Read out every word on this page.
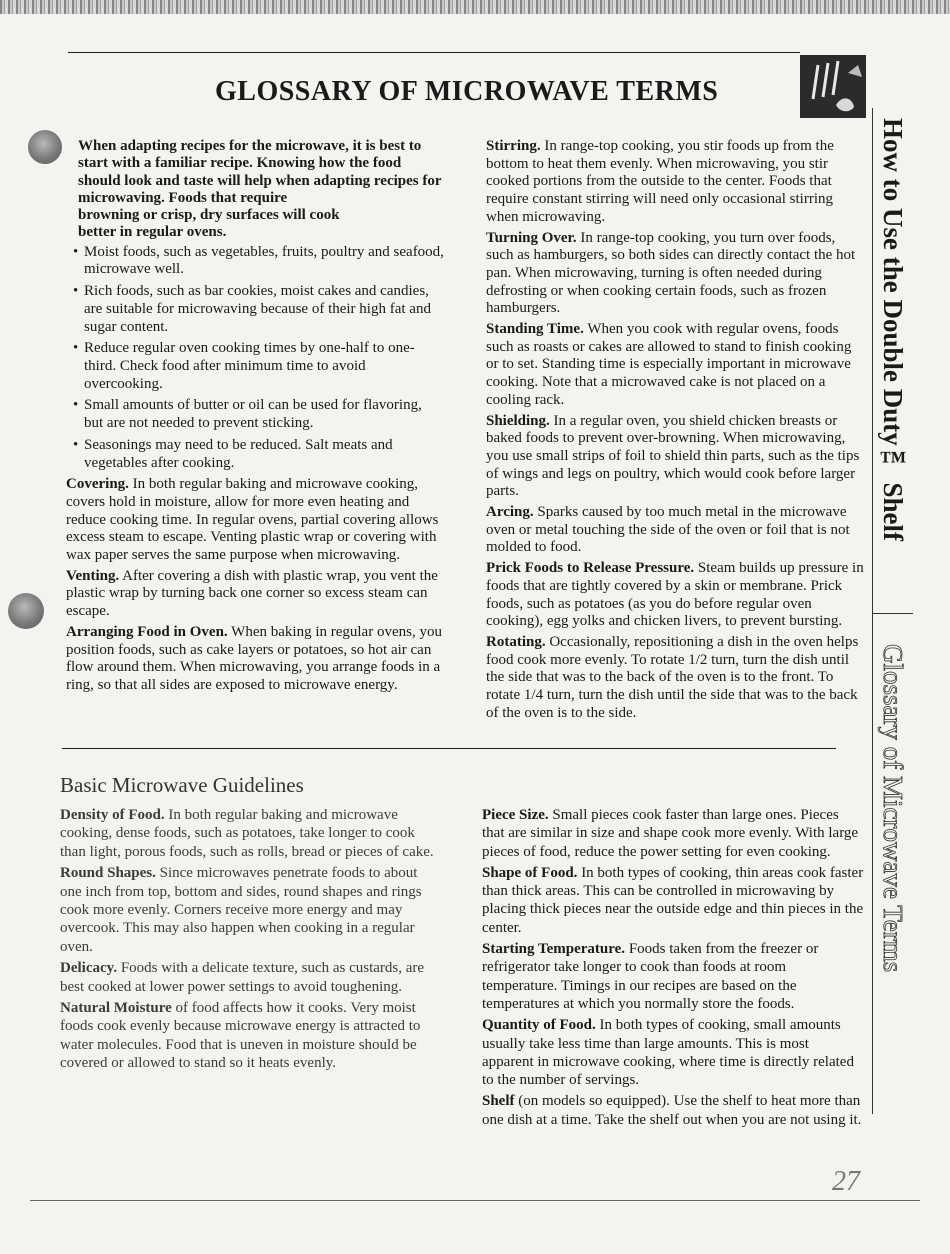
GLOSSARY OF MICROWAVE TERMS
How to Use the Double Duty™ Shelf
Glossary of Microwave Terms

When adapting recipes for the microwave, it is best to start with a familiar recipe. Knowing how the food should look and taste will help when adapting recipes for microwaving. Foods that require

browning or crisp, dry surfaces will cook

better in regular ovens.

• Moist foods, such as vegetables, fruits, poultry and seafood, microwave well.
• Rich foods, such as bar cookies, moist cakes and candies, are suitable for microwaving because of their high fat and sugar content.
• Reduce regular oven cooking times by one-half to one-third. Check food after minimum time to avoid overcooking.
• Small amounts of butter or oil can be used for flavoring, but are not needed to prevent sticking.
• Seasonings may need to be reduced. Salt meats and vegetables after cooking.

Covering. In both regular baking and microwave cooking, covers hold in moisture, allow for more even heating and reduce cooking time. In regular ovens, partial covering allows excess steam to escape. Venting plastic wrap or covering with wax paper serves the same purpose when microwaving.

Venting. After covering a dish with plastic wrap, you vent the plastic wrap by turning back one corner so excess steam can escape.

Arranging Food in Oven. When baking in regular ovens, you position foods, such as cake layers or potatoes, so hot air can flow around them. When microwaving, you arrange foods in a ring, so that all sides are exposed to microwave energy.

Stirring. In range-top cooking, you stir foods up from the bottom to heat them evenly. When microwaving, you stir cooked portions from the outside to the center. Foods that require constant stirring will need only occasional stirring when microwaving.

Turning Over. In range-top cooking, you turn over foods, such as hamburgers, so both sides can directly contact the hot pan. When microwaving, turning is often needed during defrosting or when cooking certain foods, such as frozen hamburgers.

Standing Time. When you cook with regular ovens, foods such as roasts or cakes are allowed to stand to finish cooking or to set. Standing time is especially important in microwave cooking. Note that a microwaved cake is not placed on a cooling rack.

Shielding. In a regular oven, you shield chicken breasts or baked foods to prevent over-browning. When microwaving, you use small strips of foil to shield thin parts, such as the tips of wings and legs on poultry, which would cook before larger parts.

Arcing. Sparks caused by too much metal in the microwave oven or metal touching the side of the oven or foil that is not molded to food.

Prick Foods to Release Pressure. Steam builds up pressure in foods that are tightly covered by a skin or membrane. Prick foods, such as potatoes (as you do before regular oven cooking), egg yolks and chicken livers, to prevent bursting.

Rotating. Occasionally, repositioning a dish in the oven helps food cook more evenly. To rotate 1/2 turn, turn the dish until the side that was to the back of the oven is to the front. To rotate 1/4 turn, turn the dish until the side that was to the back of the oven is to the side.

Basic Microwave Guidelines

Density of Food. In both regular baking and microwave cooking, dense foods, such as potatoes, take longer to cook than light, porous foods, such as rolls, bread or pieces of cake.

Round Shapes. Since microwaves penetrate foods to about one inch from top, bottom and sides, round shapes and rings cook more evenly. Corners receive more energy and may overcook. This may also happen when cooking in a regular oven.

Delicacy. Foods with a delicate texture, such as custards, are best cooked at lower power settings to avoid toughening.

Natural Moisture of food affects how it cooks. Very moist foods cook evenly because microwave energy is attracted to water molecules. Food that is uneven in moisture should be covered or allowed to stand so it heats evenly.

Piece Size. Small pieces cook faster than large ones. Pieces that are similar in size and shape cook more evenly. With large pieces of food, reduce the power setting for even cooking.

Shape of Food. In both types of cooking, thin areas cook faster than thick areas. This can be controlled in microwaving by placing thick pieces near the outside edge and thin pieces in the center.

Starting Temperature. Foods taken from the freezer or refrigerator take longer to cook than foods at room temperature. Timings in our recipes are based on the temperatures at which you normally store the foods.

Quantity of Food. In both types of cooking, small amounts usually take less time than large amounts. This is most apparent in microwave cooking, where time is directly related to the number of servings.

Shelf (on models so equipped). Use the shelf to heat more than one dish at a time. Take the shelf out when you are not using it.

27
